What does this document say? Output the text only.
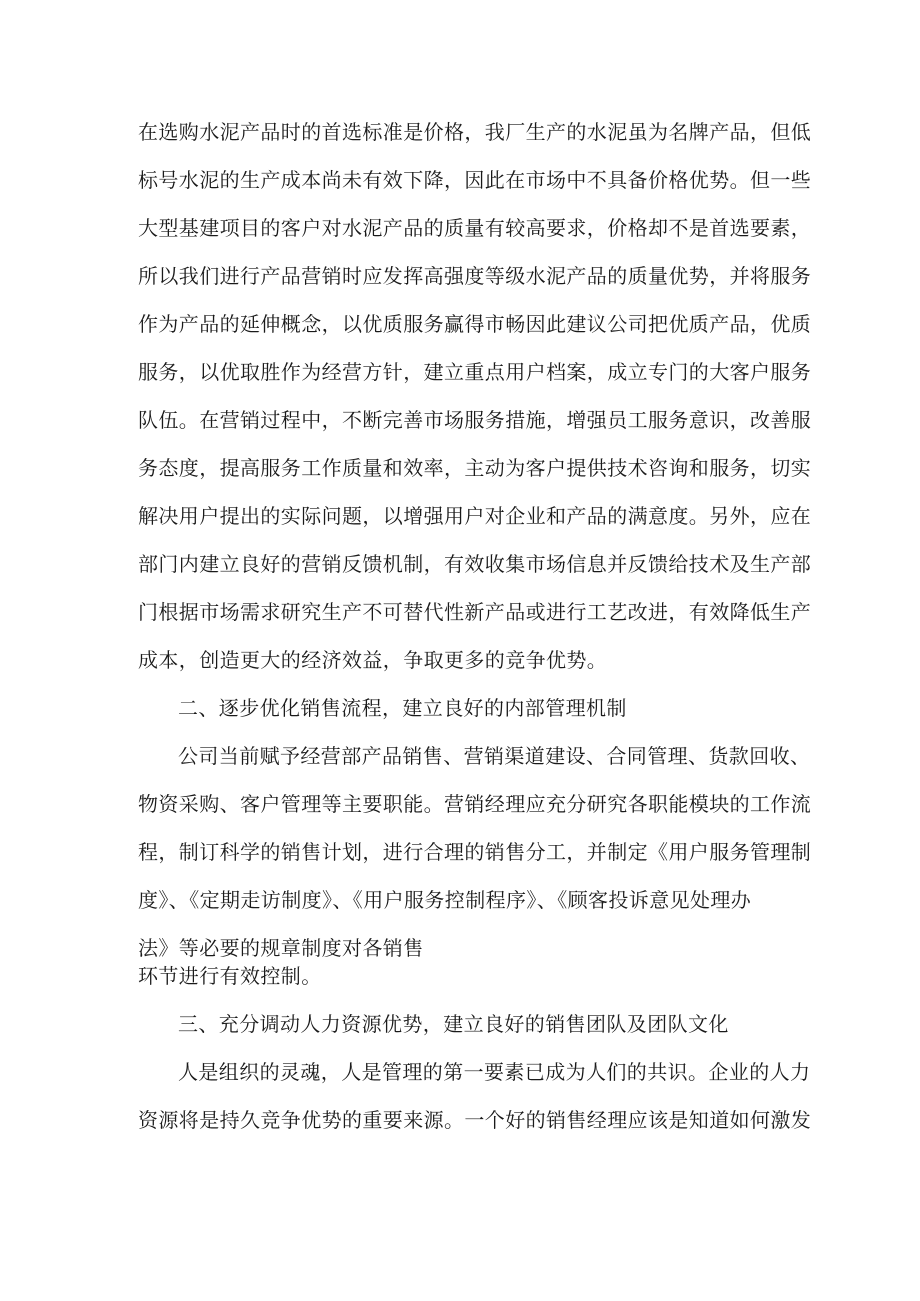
在选购水泥产品时的首选标准是价格，我厂生产的水泥虽为名牌产品，但低
标号水泥的生产成本尚未有效下降，因此在市场中不具备价格优势。但一些
大型基建项目的客户对水泥产品的质量有较高要求，价格却不是首选要素，
所以我们进行产品营销时应发挥高强度等级水泥产品的质量优势，并将服务
作为产品的延伸概念，以优质服务赢得市畅因此建议公司把优质产品，优质
服务，以优取胜作为经营方针，建立重点用户档案，成立专门的大客户服务
队伍。在营销过程中，不断完善市场服务措施，增强员工服务意识，改善服
务态度，提高服务工作质量和效率，主动为客户提供技术咨询和服务，切实
解决用户提出的实际问题，以增强用户对企业和产品的满意度。另外，应在
部门内建立良好的营销反馈机制，有效收集市场信息并反馈给技术及生产部
门根据市场需求研究生产不可替代性新产品或进行工艺改进，有效降低生产
成本，创造更大的经济效益，争取更多的竞争优势。
二、逐步优化销售流程，建立良好的内部管理机制
公司当前赋予经营部产品销售、营销渠道建设、合同管理、货款回收、
物资采购、客户管理等主要职能。营销经理应充分研究各职能模块的工作流
程，制订科学的销售计划，进行合理的销售分工，并制定《用户服务管理制
度》、《定期走访制度》、《用户服务控制程序》、《顾客投诉意见处理办
法》等必要的规章制度对各销售
环节进行有效控制。
三、充分调动人力资源优势，建立良好的销售团队及团队文化
人是组织的灵魂，人是管理的第一要素已成为人们的共识。企业的人力
资源将是持久竞争优势的重要来源。一个好的销售经理应该是知道如何激发
